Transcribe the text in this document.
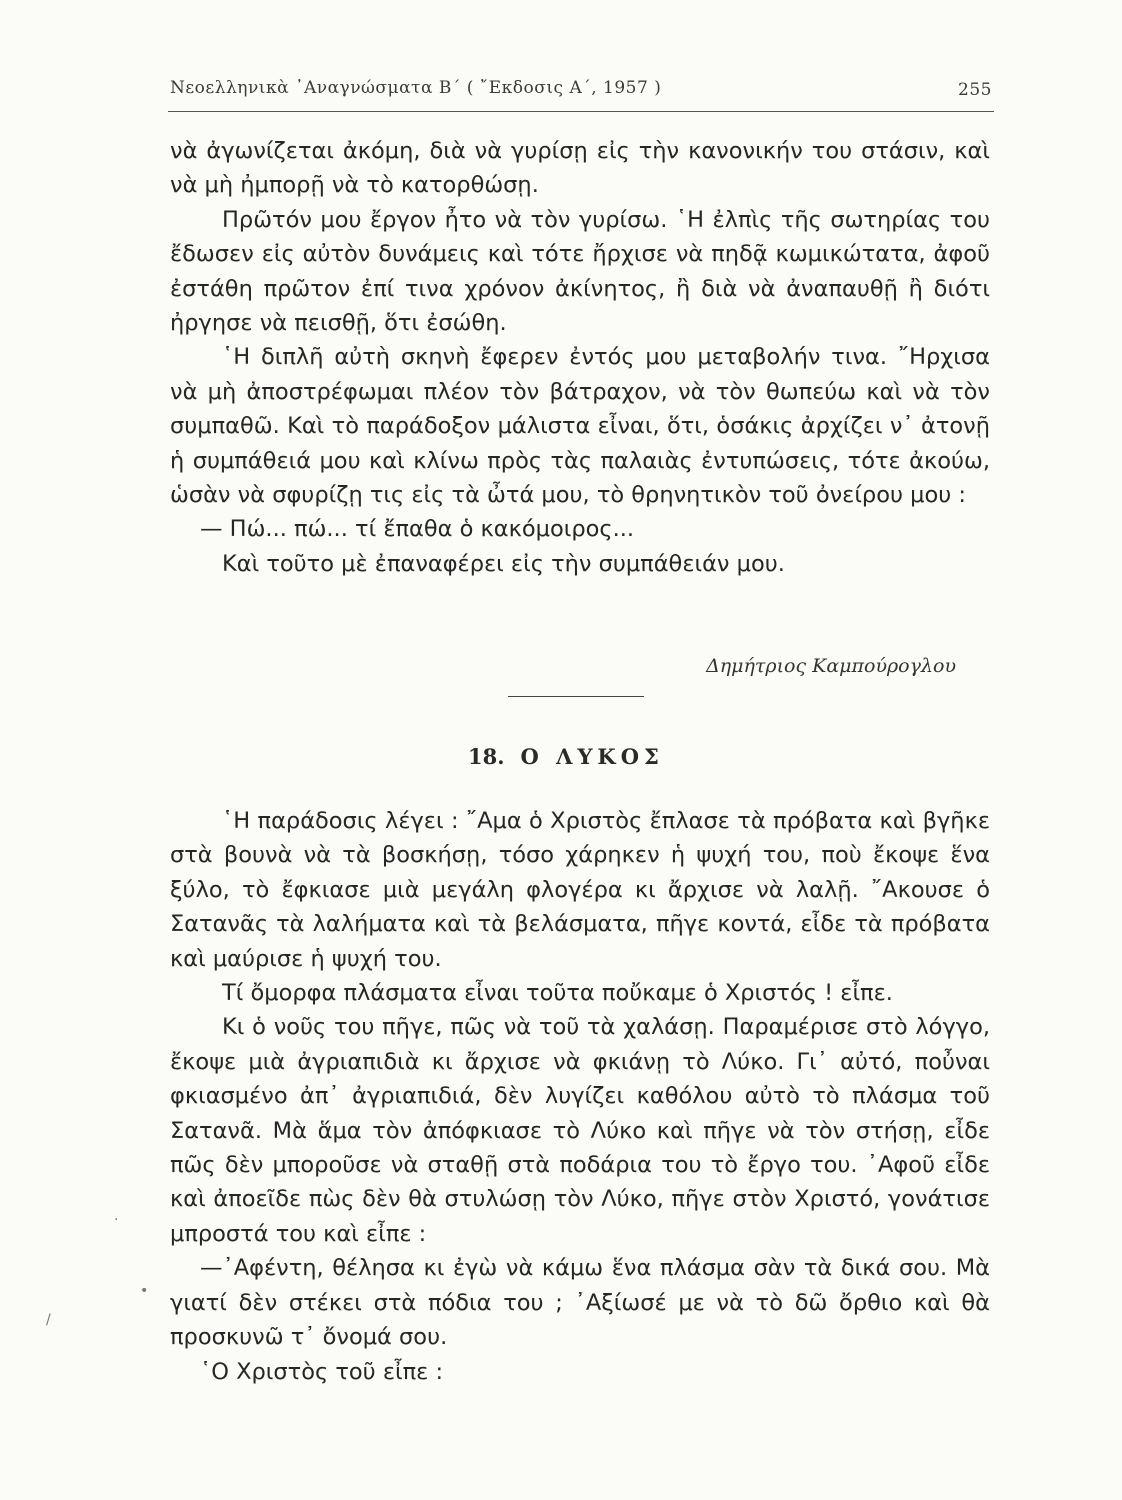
Νεοελληνικὰ ᾿Αναγνώσματα Β΄ ( ῎Εκδοσις Α΄, 1957 )	255

νὰ ἀγωνίζεται ἀκόμη, διὰ νὰ γυρίσῃ εἰς τὴν κανονικήν του στάσιν, καὶ νὰ μὴ ἠμπορῇ νὰ τὸ κατορθώσῃ.

Πρῶτόν μου ἔργον ἦτο νὰ τὸν γυρίσω. ῾Η ἐλπὶς τῆς σωτηρίας του ἔδωσεν εἰς αὐτὸν δυνάμεις καὶ τότε ἤρχισε νὰ πηδᾷ κωμικώτατα, ἀφοῦ ἐστάθη πρῶτον ἐπί τινα χρόνον ἀκίνητος, ἢ διὰ νὰ ἀναπαυθῇ ἢ διότι ἠργησε νὰ πεισθῇ, ὅτι ἐσώθη.

῾Η διπλῆ αὐτὴ σκηνὴ ἔφερεν ἐντός μου μεταβολήν τινα. ῎Ηρχισα νὰ μὴ ἀποστρέφωμαι πλέον τὸν βάτραχον, νὰ τὸν θωπεύω καὶ νὰ τὸν συμπαθῶ. Καὶ τὸ παράδοξον μάλιστα εἶναι, ὅτι, ὁσάκις ἀρχίζει ν᾿ ἀτονῇ ἡ συμπάθειά μου καὶ κλίνω πρὸς τὰς παλαιὰς ἐντυπώσεις, τότε ἀκούω, ὡσὰν νὰ σφυρίζῃ τις εἰς τὰ ὦτά μου, τὸ θρηνητικὸν τοῦ ὀνείρου μου :

— Πώ... πώ... τί ἔπαθα ὁ κακόμοιρος...

Καὶ τοῦτο μὲ ἐπαναφέρει εἰς τὴν συμπάθειάν μου.

Δημήτριος Καμπούρογλου
18. Ο ΛΥΚΟΣ

῾Η παράδοσις λέγει : ῎Αμα ὁ Χριστὸς ἔπλασε τὰ πρόβατα καὶ βγῆκε στὰ βουνὰ νὰ τὰ βοσκήσῃ, τόσο χάρηκεν ἡ ψυχή του, ποὺ ἔκοψε ἕνα ξύλο, τὸ ἔφκιασε μιὰ μεγάλη φλογέρα κι ἄρχισε νὰ λαλῇ. ῎Ακουσε ὁ Σατανᾶς τὰ λαλήματα καὶ τὰ βελάσματα, πῆγε κοντά, εἶδε τὰ πρόβατα καὶ μαύρισε ἡ ψυχή του.

Τί ὄμορφα πλάσματα εἶναι τοῦτα ποὔκαμε ὁ Χριστός ! εἶπε.

Κι ὁ νοῦς του πῆγε, πῶς νὰ τοῦ τὰ χαλάσῃ. Παραμέρισε στὸ λόγγο, ἔκοψε μιὰ ἀγριαπιδιὰ κι ἄρχισε νὰ φκιάνῃ τὸ Λύκο. Γι᾿ αὐτό, ποὖναι φκιασμένο ἀπ᾿ ἀγριαπιδιά, δὲν λυγίζει καθόλου αὐτὸ τὸ πλάσμα τοῦ Σατανᾶ. Μὰ ἅμα τὸν ἀπόφκιασε τὸ Λύκο καὶ πῆγε νὰ τὸν στήσῃ, εἶδε πῶς δὲν μποροῦσε νὰ σταθῇ στὰ ποδάρια του τὸ ἔργο του. ᾿Αφοῦ εἶδε καὶ ἀποεῖδε πὼς δὲν θὰ στυλώσῃ τὸν Λύκο, πῆγε στὸν Χριστό, γονάτισε μπροστά του καὶ εἶπε :

—᾿Αφέντη, θέλησα κι ἐγὼ νὰ κάμω ἕνα πλάσμα σὰν τὰ δικά σου. Μὰ γιατί δὲν στέκει στὰ πόδια του ; ᾿Αξίωσέ με νὰ τὸ δῶ ὄρθιο καὶ θὰ προσκυνῶ τ᾿ ὄνομά σου.

῾Ο Χριστὸς τοῦ εἶπε :

·
•
/
